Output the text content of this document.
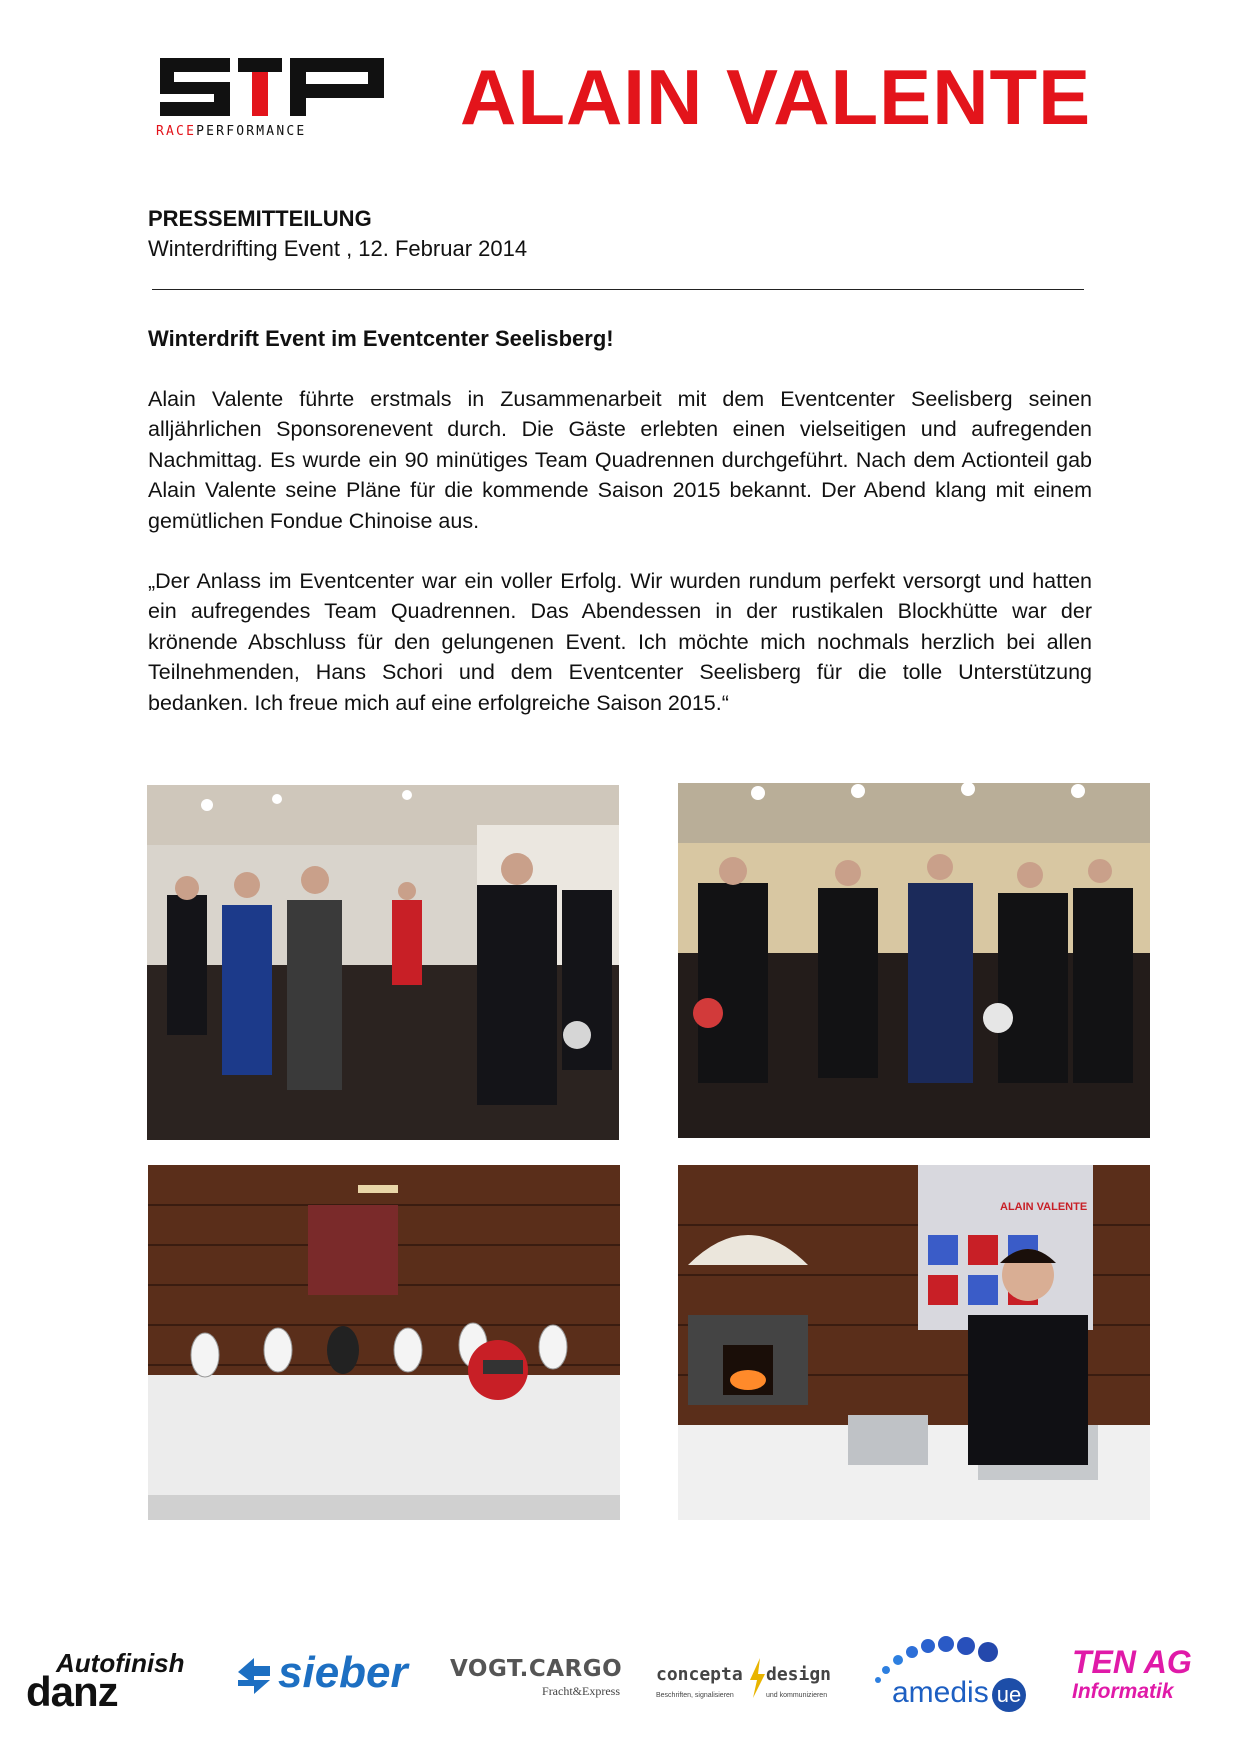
RACEPERFORMANCE ALAIN VALENTE
PRESSEMITTEILUNG
Winterdrifting Event , 12. Februar 2014
Winterdrift Event im Eventcenter Seelisberg!
Alain Valente führte erstmals in Zusammenarbeit mit dem Eventcenter Seelisberg seinen alljährlichen Sponsorenevent durch. Die Gäste erlebten einen vielseitigen und aufregenden Nachmittag. Es wurde ein 90 minütiges Team Quadrennen durchgeführt. Nach dem Actionteil gab Alain Valente seine Pläne für die kommende Saison 2015 bekannt. Der Abend klang mit einem gemütlichen Fondue Chinoise aus.
„Der Anlass im Eventcenter war ein voller Erfolg. Wir wurden rundum perfekt versorgt und hatten ein aufregendes Team Quadrennen. Das Abendessen in der rustikalen Blockhütte war der krönende Abschluss für den gelungenen Event. Ich möchte mich nochmals herzlich bei allen Teilnehmenden, Hans Schori und dem Eventcenter Seelisberg für die tolle Unterstützung bedanken. Ich freue mich auf eine erfolgreiche Saison 2015.“
ALAIN VALENTE
Autofinish
danz	sieber VOGT.CARGO
Fracht&Express
concepta design
Beschriften, signalisieren	und kommunizieren amedis ue
TEN AG
Informatik
